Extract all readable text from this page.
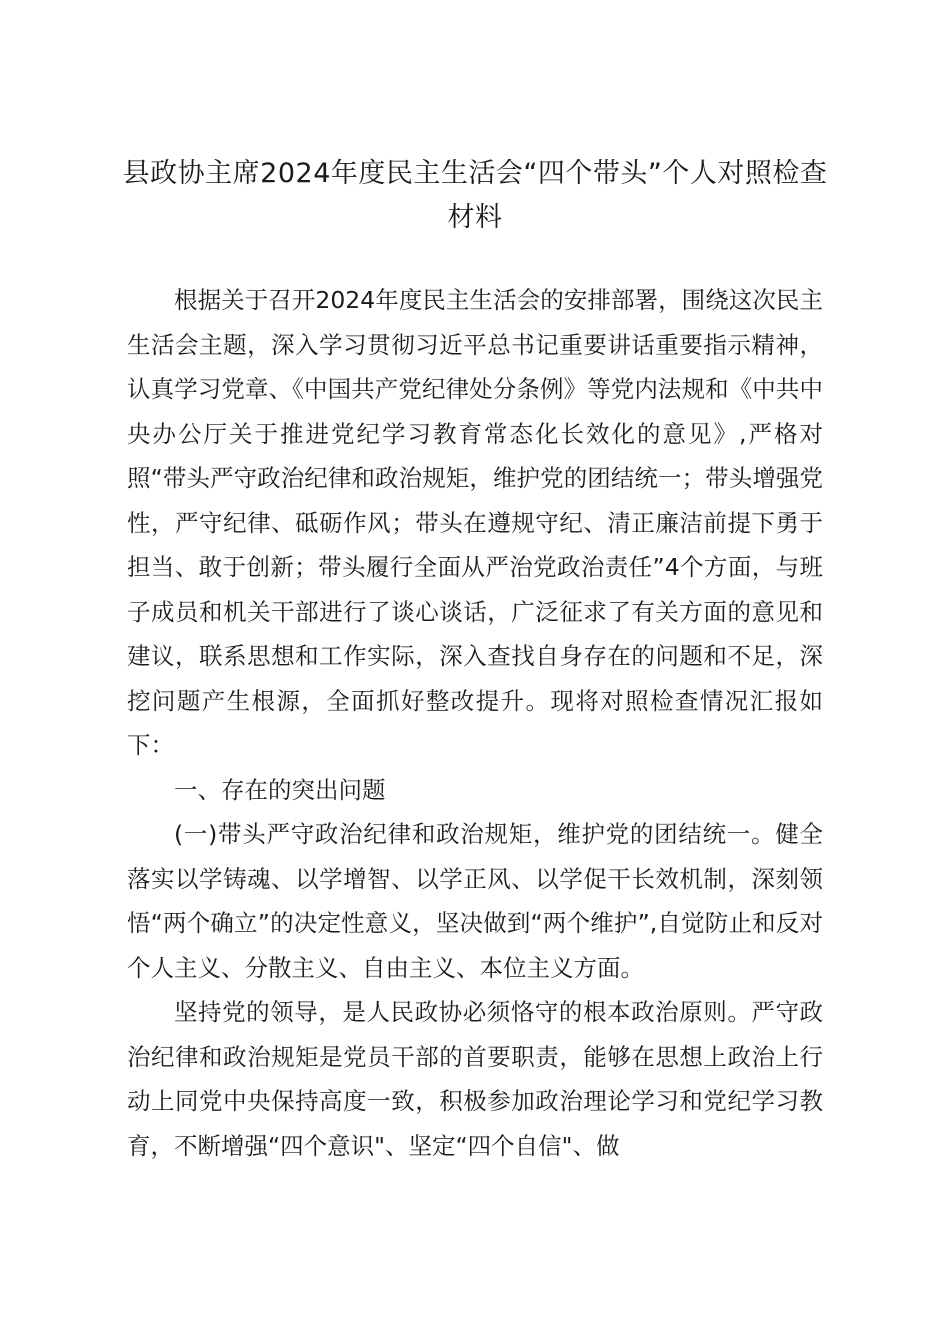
县政协主席2024年度民主生活会“四个带头”个人对照检查材料

根据关于召开2024年度民主生活会的安排部署，围绕这次民主生活会主题，深入学习贯彻习近平总书记重要讲话重要指示精神，认真学习党章、《中国共产党纪律处分条例》等党内法规和《中共中央办公厅关于推进党纪学习教育常态化长效化的意见》,严格对照“带头严守政治纪律和政治规矩，维护党的团结统一；带头增强党性，严守纪律、砥砺作风；带头在遵规守纪、清正廉洁前提下勇于担当、敢于创新；带头履行全面从严治党政治责任”4个方面，与班子成员和机关干部进行了谈心谈话，广泛征求了有关方面的意见和建议，联系思想和工作实际，深入查找自身存在的问题和不足，深挖问题产生根源，全面抓好整改提升。现将对照检查情况汇报如下：

一、存在的突出问题

(一)带头严守政治纪律和政治规矩，维护党的团结统一。健全落实以学铸魂、以学增智、以学正风、以学促干长效机制，深刻领悟“两个确立”的决定性意义，坚决做到“两个维护”,自觉防止和反对个人主义、分散主义、自由主义、本位主义方面。

坚持党的领导，是人民政协必须恪守的根本政治原则。严守政治纪律和政治规矩是党员干部的首要职责，能够在思想上政治上行动上同党中央保持高度一致，积极参加政治理论学习和党纪学习教育，不断增强“四个意识"、坚定“四个自信"、做
